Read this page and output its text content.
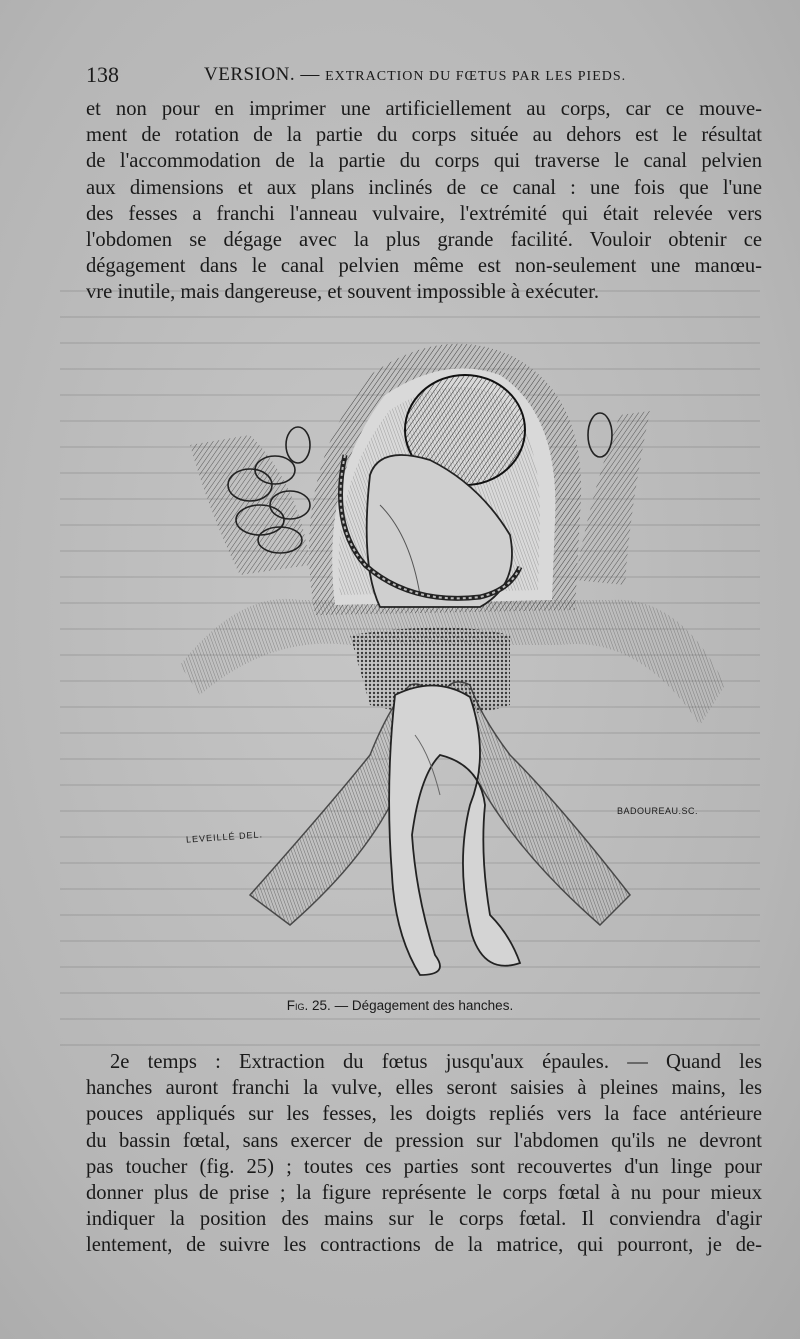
138	VERSION. — EXTRACTION DU FŒTUS PAR LES PIEDS.
et non pour en imprimer une artificiellement au corps, car ce mouve-
ment de rotation de la partie du corps située au dehors est le résultat
de l'accommodation de la partie du corps qui traverse le canal pelvien
aux dimensions et aux plans inclinés de ce canal : une fois que l'une
des fesses a franchi l'anneau vulvaire, l'extrémité qui était relevée vers
l'obdomen se dégage avec la plus grande facilité. Vouloir obtenir ce
dégagement dans le canal pelvien même est non-seulement une manœu-
vre inutile, mais dangereuse, et souvent impossible à exécuter.
LEVEILLÉ DEL.
BADOUREAU.SC.
Fig. 25. — Dégagement des hanches.
2e temps : Extraction du fœtus jusqu'aux épaules. — Quand les
hanches auront franchi la vulve, elles seront saisies à pleines mains, les
pouces appliqués sur les fesses, les doigts repliés vers la face antérieure
du bassin fœtal, sans exercer de pression sur l'abdomen qu'ils ne devront
pas toucher (fig. 25) ; toutes ces parties sont recouvertes d'un linge pour
donner plus de prise ; la figure représente le corps fœtal à nu pour mieux
indiquer la position des mains sur le corps fœtal. Il conviendra d'agir
lentement, de suivre les contractions de la matrice, qui pourront, je de-
